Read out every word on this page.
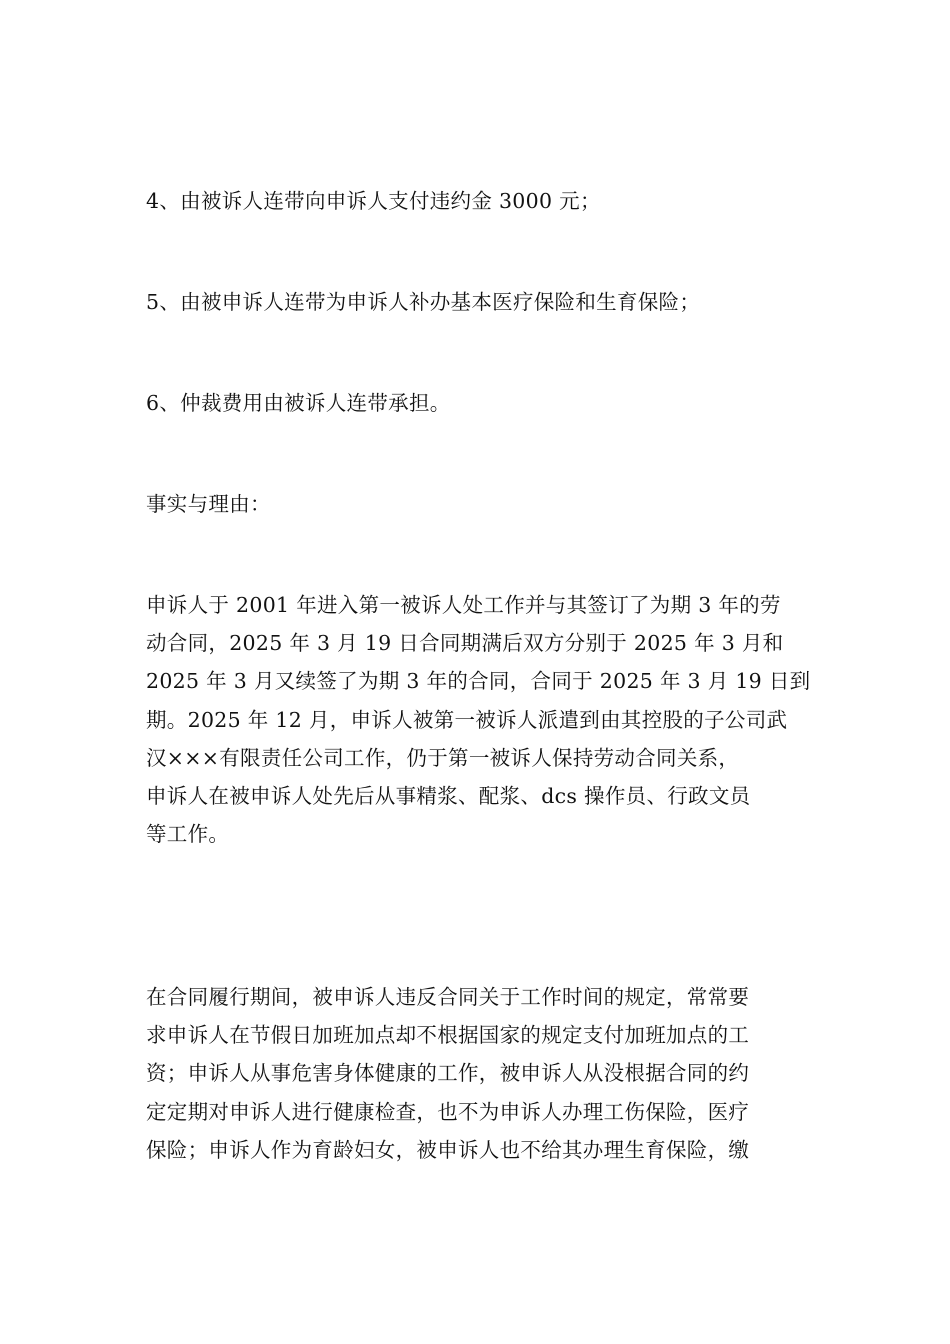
4、由被诉人连带向申诉人支付违约金 3000 元；

5、由被申诉人连带为申诉人补办基本医疗保险和生育保险；

6、仲裁费用由被诉人连带承担。

事实与理由：

申诉人于 2001 年进入第一被诉人处工作并与其签订了为期 3 年的劳
动合同，2025 年 3 月 19 日合同期满后双方分别于 2025 年 3 月和
2025 年 3 月又续签了为期 3 年的合同，合同于 2025 年 3 月 19 日到
期。2025 年 12 月，申诉人被第一被诉人派遣到由其控股的子公司武
汉×××有限责任公司工作，仍于第一被诉人保持劳动合同关系，
申诉人在被申诉人处先后从事精浆、配浆、dcs 操作员、行政文员
等工作。
在合同履行期间，被申诉人违反合同关于工作时间的规定，常常要
求申诉人在节假日加班加点却不根据国家的规定支付加班加点的工
资；申诉人从事危害身体健康的工作，被申诉人从没根据合同的约
定定期对申诉人进行健康检查，也不为申诉人办理工伤保险，医疗
保险；申诉人作为育龄妇女，被申诉人也不给其办理生育保险，缴
